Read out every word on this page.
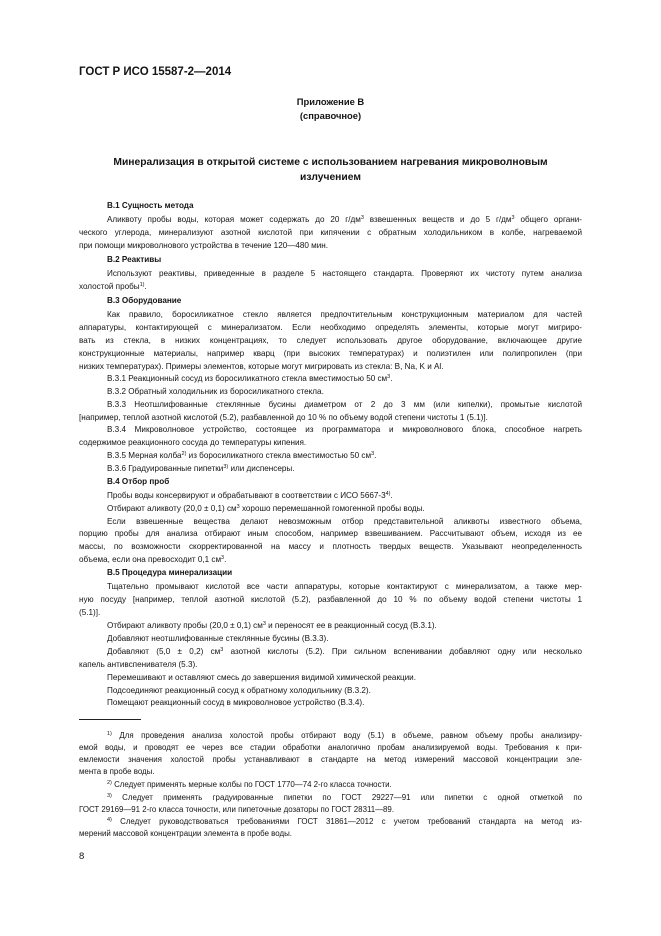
ГОСТ Р ИСО 15587-2—2014
Приложение В
(справочное)
Минерализация в открытой системе с использованием нагревания микроволновым
излучением
B.1 Сущность метода
Аликвоту пробы воды, которая может содержать до 20 $г/дм^3$ взвешенных веществ и до 5 $г/дм^3$ общего органи-
ческого углерода, минерализуют азотной кислотой при кипячении с обратным холодильником в колбе, нагреваемой
при помощи микроволнового устройства в течение 120—480 мин.
B.2 Реактивы
Используют реактивы, приведенные в разделе 5 настоящего стандарта. Проверяют их чистоту путем анализа
холостой пробы$^{1)}$.
B.3 Оборудование
Как правило, боросиликатное стекло является предпочтительным конструкционным материалом для частей
аппаратуры, контактирующей с минерализатом. Если необходимо определять элементы, которые могут мигриро-
вать из стекла, в низких концентрациях, то следует использовать другое оборудование, включающее другие
конструкционные материалы, например кварц (при высоких температурах) и полиэтилен или полипропилен (при
низких температурах). Примеры элементов, которые могут мигрировать из стекла: B, Na, K и Al.
B.3.1 Реакционный сосуд из боросиликатного стекла вместимостью 50 $см^3$.
B.3.2 Обратный холодильник из боросиликатного стекла.
B.3.3 Неотшлифованные стеклянные бусины диаметром от 2 до 3 мм (или кипелки), промытые кислотой
[например, теплой азотной кислотой (5.2), разбавленной до 10 % по объему водой степени чистоты 1 (5.1)].
B.3.4 Микроволновое устройство, состоящее из программатора и микроволнового блока, способное нагреть
содержимое реакционного сосуда до температуры кипения.
B.3.5 Мерная колба$^{2)}$ из боросиликатного стекла вместимостью 50 $см^3$.
B.3.6 Градуированные пипетки$^{3)}$ или диспенсеры.
B.4 Отбор проб
Пробы воды консервируют и обрабатывают в соответствии с ИСО 5667-3$^{4)}$.
Отбирают аликвоту (20,0 ± 0,1) $см^3$ хорошо перемешанной гомогенной пробы воды.
Если взвешенные вещества делают невозможным отбор представительной аликвоты известного объема,
порцию пробы для анализа отбирают иным способом, например взвешиванием. Рассчитывают объем, исходя из ее
массы, по возможности скорректированной на массу и плотность твердых веществ. Указывают неопределенность
объема, если она превосходит 0,1 $см^3$.
B.5 Процедура минерализации
Тщательно промывают кислотой все части аппаратуры, которые контактируют с минерализатом, а также мер-
ную посуду [например, теплой азотной кислотой (5.2), разбавленной до 10 % по объему водой степени чистоты 1
(5.1)].
Отбирают аликвоту пробы (20,0 ± 0,1) $см^3$ и переносят ее в реакционный сосуд (B.3.1).
Добавляют неотшлифованные стеклянные бусины (B.3.3).
Добавляют (5,0 ± 0,2) $см^3$ азотной кислоты (5.2). При сильном вспенивании добавляют одну или несколько
капель антивспенивателя (5.3).
Перемешивают и оставляют смесь до завершения видимой химической реакции.
Подсоединяют реакционный сосуд к обратному холодильнику (B.3.2).
Помещают реакционный сосуд в микроволновое устройство (B.3.4).
$^{1)}$ Для проведения анализа холостой пробы отбирают воду (5.1) в объеме, равном объему пробы анализиру-
емой воды, и проводят ее через все стадии обработки аналогично пробам анализируемой воды. Требования к при-
емлемости значения холостой пробы устанавливают в стандарте на метод измерений массовой концентрации эле-
мента в пробе воды.
$^{2)}$ Следует применять мерные колбы по ГОСТ 1770—74 2-го класса точности.
$^{3)}$ Следует применять градуированные пипетки по ГОСТ 29227—91 или пипетки с одной отметкой по
ГОСТ 29169—91 2-го класса точности, или пипеточные дозаторы по ГОСТ 28311—89.
$^{4)}$ Следует руководствоваться требованиями ГОСТ 31861—2012 с учетом требований стандарта на метод из-
мерений массовой концентрации элемента в пробе воды.
8
